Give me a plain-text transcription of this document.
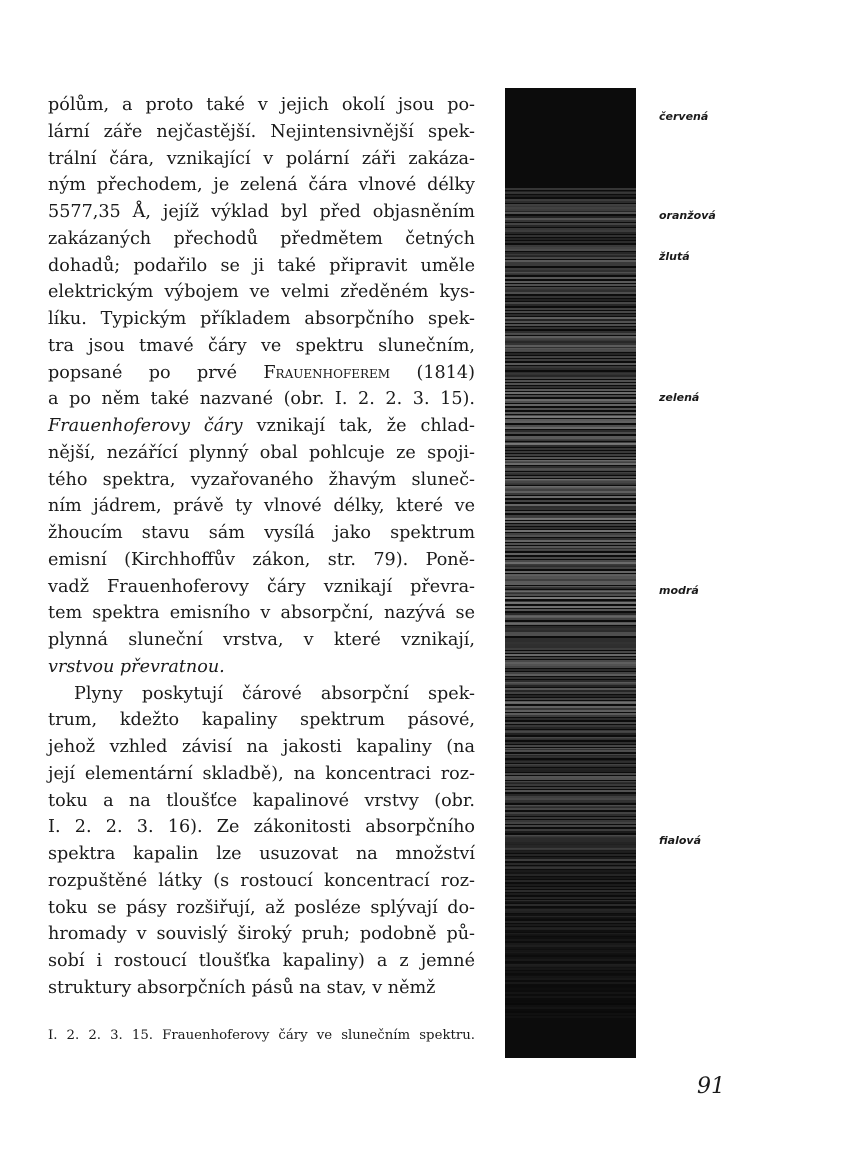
pólům, a proto také v jejich okolí jsou po-
lární záře nejčastější. Nejintensivnější spek-
trální čára, vznikající v polární záři zakáza-
ným přechodem, je zelená čára vlnové délky
5577,35 Å, jejíž výklad byl před objasněním
zakázaných přechodů předmětem četných
dohadů; podařilo se ji také připravit uměle
elektrickým výbojem ve velmi zředěném kys-
líku. Typickým příkladem absorpčního spek-
tra jsou tmavé čáry ve spektru slunečním,
popsané po prvé Frauenhoferem (1814)
a po něm také nazvané (obr. I. 2. 2. 3. 15).
Frauenhoferovy čáry vznikají tak, že chlad-
nější, nezářící plynný obal pohlcuje ze spoji-
tého spektra, vyzařovaného žhavým sluneč-
ním jádrem, právě ty vlnové délky, které ve
žhoucím stavu sám vysílá jako spektrum
emisní (Kirchhoffův zákon, str. 79). Poně-
vadž Frauenhoferovy čáry vznikají převra-
tem spektra emisního v absorpční, nazývá se
plynná sluneční vrstva, v které vznikají,
vrstvou převratnou.
Plyny poskytují čárové absorpční spek-
trum, kdežto kapaliny spektrum pásové,
jehož vzhled závisí na jakosti kapaliny (na
její elementární skladbě), na koncentraci roz-
toku a na tloušťce kapalinové vrstvy (obr.
I. 2. 2. 3. 16). Ze zákonitosti absorpčního
spektra kapalin lze usuzovat na množství
rozpuštěné látky (s rostoucí koncentrací roz-
toku se pásy rozšiřují, až posléze splývají do-
hromady v souvislý široký pruh; podobně pů-
sobí i rostoucí tloušťka kapaliny) a z jemné
struktury absorpčních pásů na stav, v němž
červená
oranžová
žlutá
zelená
modrá
fialová
I. 2. 2. 3. 15. Frauenhoferovy čáry ve slunečním spektru.
91
